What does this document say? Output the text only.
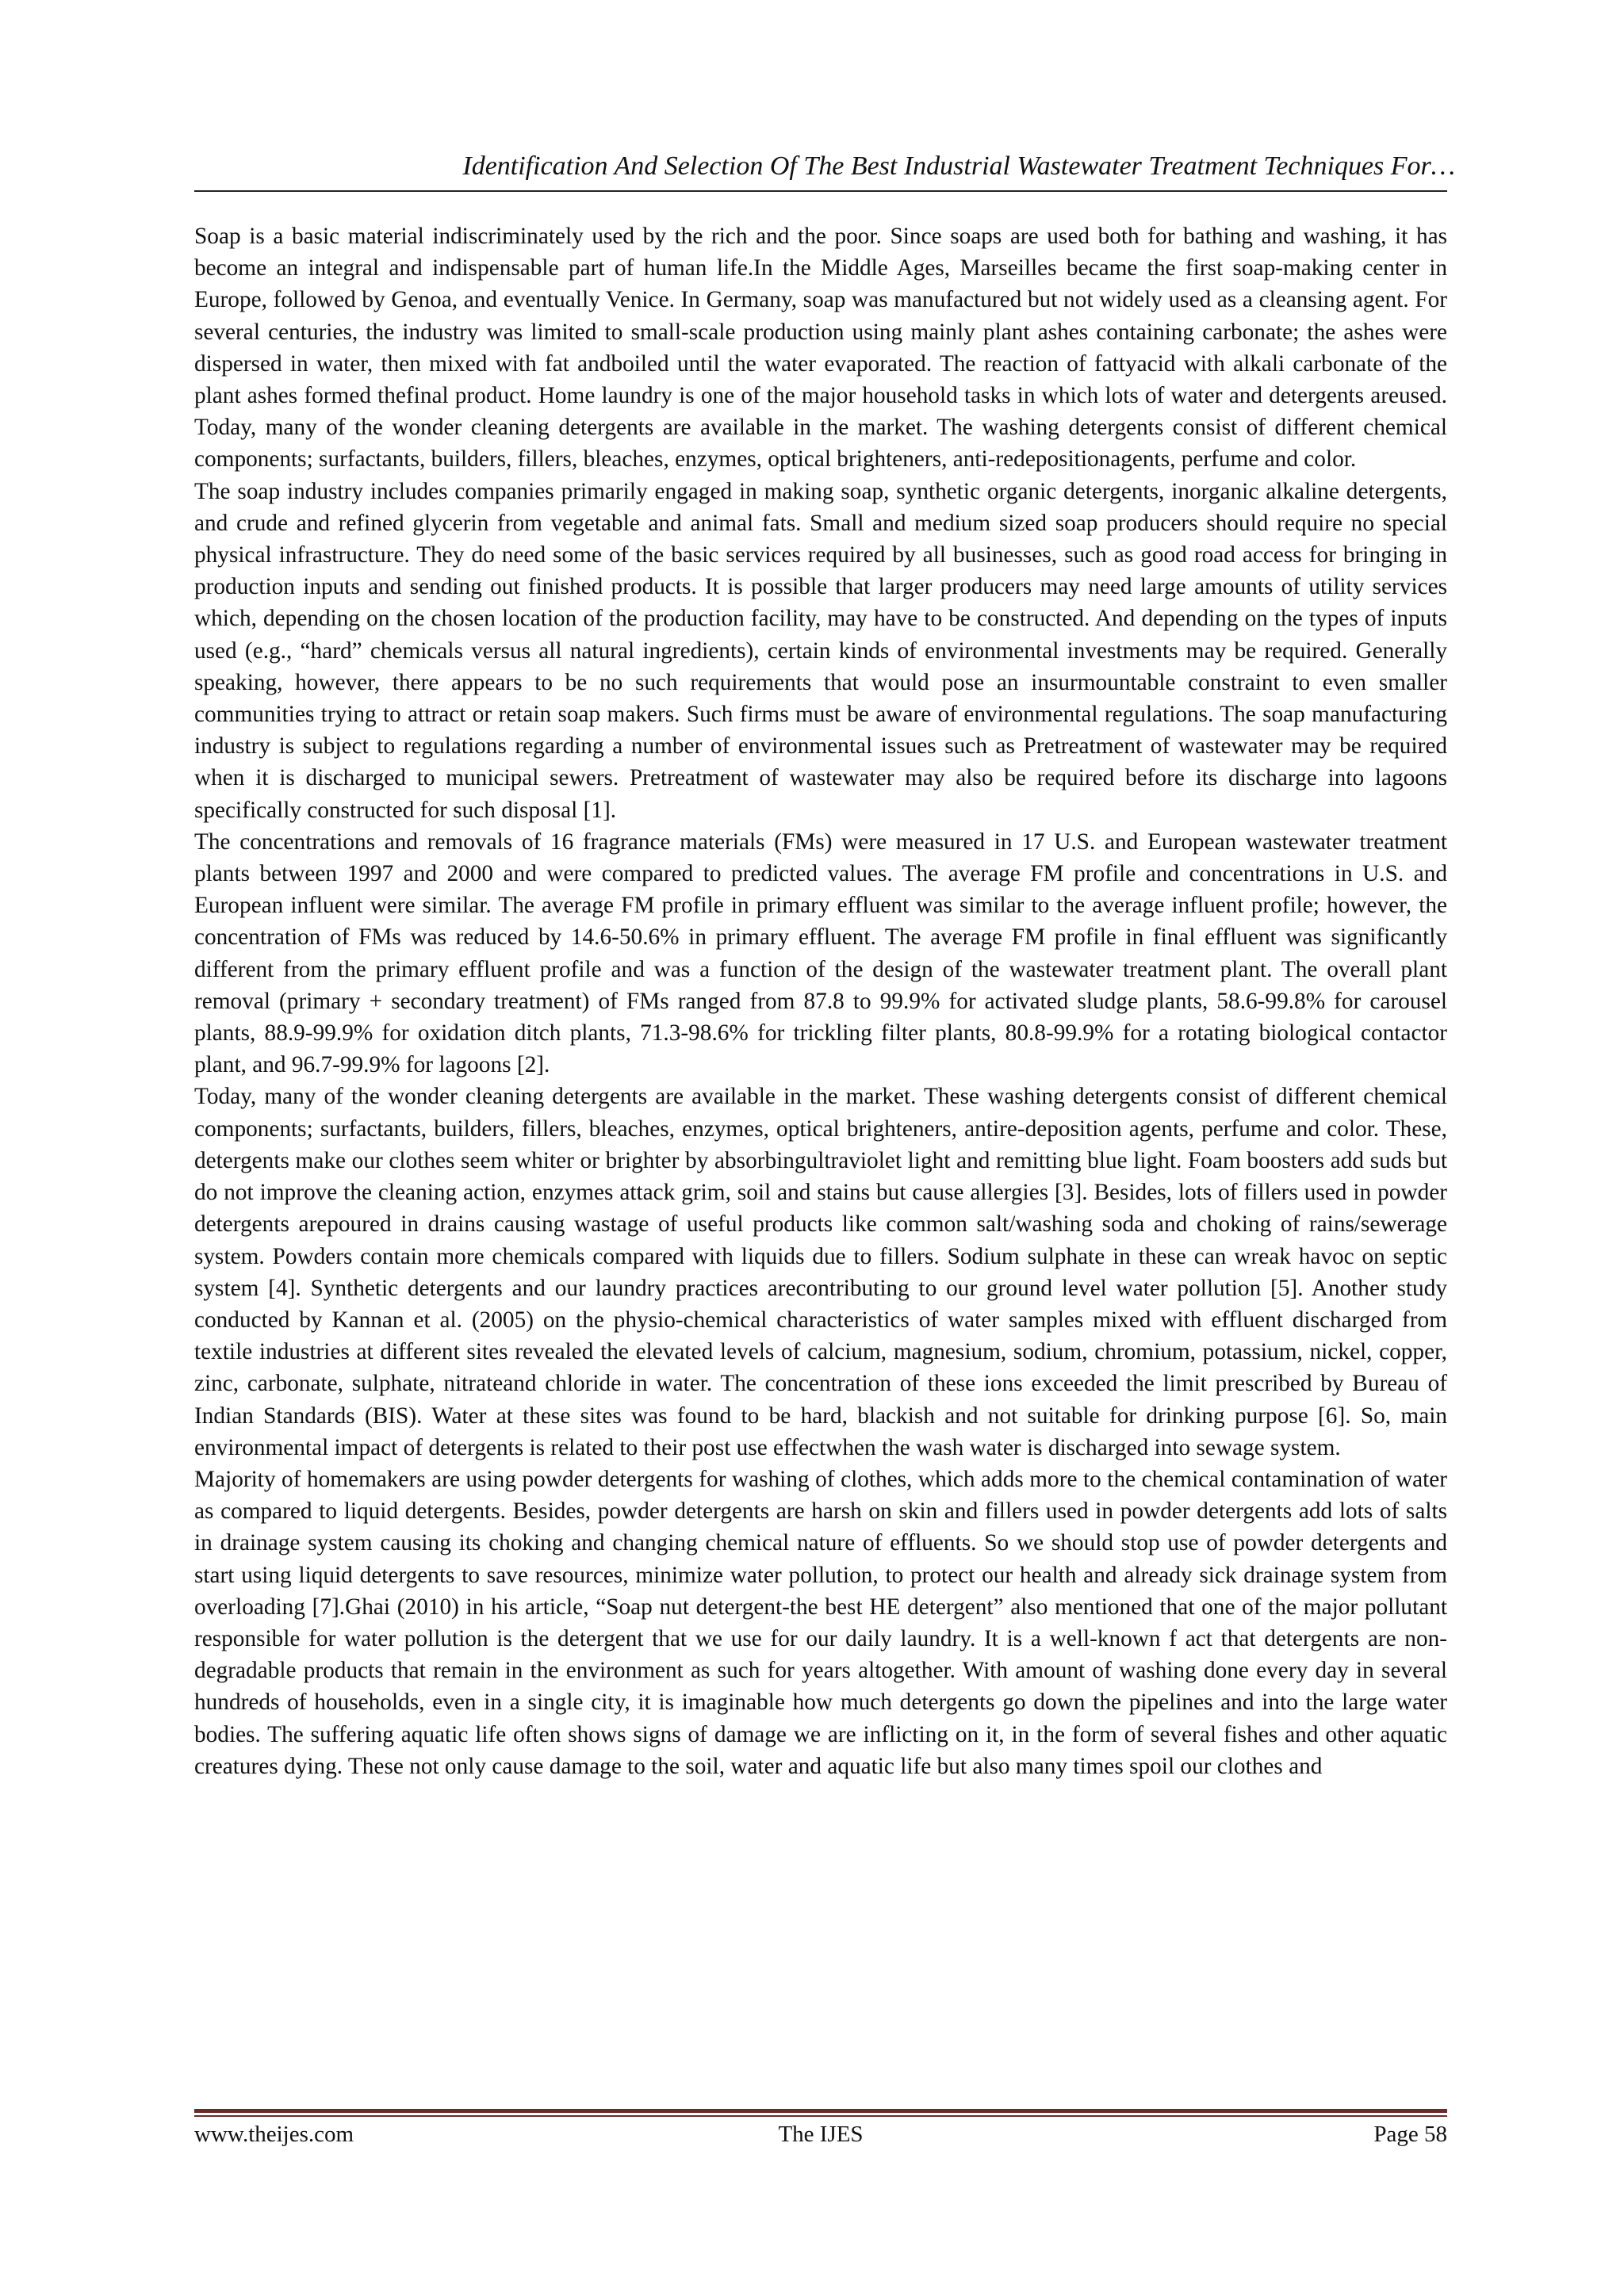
Identification And Selection Of The Best Industrial Wastewater Treatment Techniques For…

Soap is a basic material indiscriminately used by the rich and the poor. Since soaps are used both for bathing and washing, it has become an integral and indispensable part of human life.In the Middle Ages, Marseilles became the first soap-making center in Europe, followed by Genoa, and eventually Venice. In Germany, soap was manufactured but not widely used as a cleansing agent. For several centuries, the industry was limited to small-scale production using mainly plant ashes containing carbonate; the ashes were dispersed in water, then mixed with fat andboiled until the water evaporated. The reaction of fattyacid with alkali carbonate of the plant ashes formed thefinal product. Home laundry is one of the major household tasks in which lots of water and detergents areused. Today, many of the wonder cleaning detergents are available in the market. The washing detergents consist of different chemical components; surfactants, builders, fillers, bleaches, enzymes, optical brighteners, anti-redepositionagents, perfume and color.

The soap industry includes companies primarily engaged in making soap, synthetic organic detergents, inorganic alkaline detergents, and crude and refined glycerin from vegetable and animal fats. Small and medium sized soap producers should require no special physical infrastructure. They do need some of the basic services required by all businesses, such as good road access for bringing in production inputs and sending out finished products. It is possible that larger producers may need large amounts of utility services which, depending on the chosen location of the production facility, may have to be constructed. And depending on the types of inputs used (e.g., “hard” chemicals versus all natural ingredients), certain kinds of environmental investments may be required. Generally speaking, however, there appears to be no such requirements that would pose an insurmountable constraint to even smaller communities trying to attract or retain soap makers. Such firms must be aware of environmental regulations. The soap manufacturing industry is subject to regulations regarding a number of environmental issues such as Pretreatment of wastewater may be required when it is discharged to municipal sewers. Pretreatment of wastewater may also be required before its discharge into lagoons specifically constructed for such disposal [1].

The concentrations and removals of 16 fragrance materials (FMs) were measured in 17 U.S. and European wastewater treatment plants between 1997 and 2000 and were compared to predicted values. The average FM profile and concentrations in U.S. and European influent were similar. The average FM profile in primary effluent was similar to the average influent profile; however, the concentration of FMs was reduced by 14.6-50.6% in primary effluent. The average FM profile in final effluent was significantly different from the primary effluent profile and was a function of the design of the wastewater treatment plant. The overall plant removal (primary + secondary treatment) of FMs ranged from 87.8 to 99.9% for activated sludge plants, 58.6-99.8% for carousel plants, 88.9-99.9% for oxidation ditch plants, 71.3-98.6% for trickling filter plants, 80.8-99.9% for a rotating biological contactor plant, and 96.7-99.9% for lagoons [2].

Today, many of the wonder cleaning detergents are available in the market. These washing detergents consist of different chemical components; surfactants, builders, fillers, bleaches, enzymes, optical brighteners, antire-deposition agents, perfume and color. These, detergents make our clothes seem whiter or brighter by absorbingultraviolet light and remitting blue light. Foam boosters add suds but do not improve the cleaning action, enzymes attack grim, soil and stains but cause allergies [3]. Besides, lots of fillers used in powder detergents arepoured in drains causing wastage of useful products like common salt/washing soda and choking of rains/sewerage system. Powders contain more chemicals compared with liquids due to fillers. Sodium sulphate in these can wreak havoc on septic system [4]. Synthetic detergents and our laundry practices arecontributing to our ground level water pollution [5]. Another study conducted by Kannan et al. (2005) on the physio-chemical characteristics of water samples mixed with effluent discharged from textile industries at different sites revealed the elevated levels of calcium, magnesium, sodium, chromium, potassium, nickel, copper, zinc, carbonate, sulphate, nitrateand chloride in water. The concentration of these ions exceeded the limit prescribed by Bureau of Indian Standards (BIS). Water at these sites was found to be hard, blackish and not suitable for drinking purpose [6]. So, main environmental impact of detergents is related to their post use effectwhen the wash water is discharged into sewage system.

Majority of homemakers are using powder detergents for washing of clothes, which adds more to the chemical contamination of water as compared to liquid detergents. Besides, powder detergents are harsh on skin and fillers used in powder detergents add lots of salts in drainage system causing its choking and changing chemical nature of effluents. So we should stop use of powder detergents and start using liquid detergents to save resources, minimize water pollution, to protect our health and already sick drainage system from overloading [7].Ghai (2010) in his article, “Soap nut detergent-the best HE detergent” also mentioned that one of the major pollutant responsible for water pollution is the detergent that we use for our daily laundry. It is a well-known f act that detergents are non-degradable products that remain in the environment as such for years altogether. With amount of washing done every day in several hundreds of households, even in a single city, it is imaginable how much detergents go down the pipelines and into the large water bodies. The suffering aquatic life often shows signs of damage we are inflicting on it, in the form of several fishes and other aquatic creatures dying. These not only cause damage to the soil, water and aquatic life but also many times spoil our clothes and

www.theijes.com	The IJES	Page 58
